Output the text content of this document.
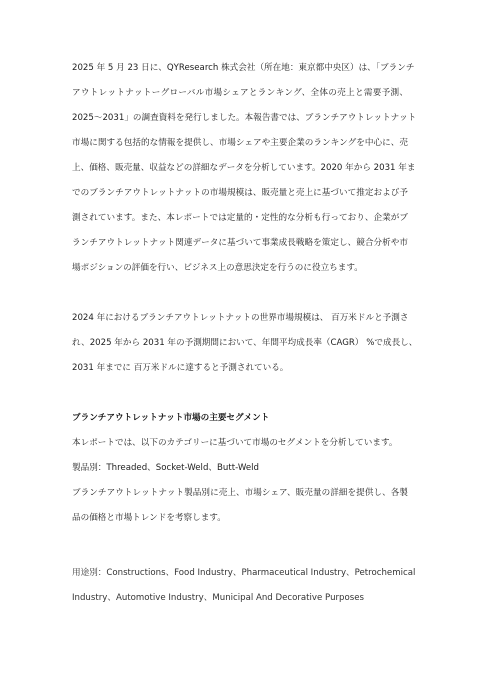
2025 年 5 月 23 日に、QYResearch 株式会社（所在地：東京都中央区）は、「ブランチ
アウトレットナットーグローバル市場シェアとランキング、全体の売上と需要予測、
2025～2031」の調査資料を発行しました。本報告書では、ブランチアウトレットナット
市場に関する包括的な情報を提供し、市場シェアや主要企業のランキングを中心に、売
上、価格、販売量、収益などの詳細なデータを分析しています。2020 年から 2031 年ま
でのブランチアウトレットナットの市場規模は、販売量と売上に基づいて推定および予
測されています。また、本レポートでは定量的・定性的な分析も行っており、企業がブ
ランチアウトレットナット関連データに基づいて事業成長戦略を策定し、競合分析や市
場ポジションの評価を行い、ビジネス上の意思決定を行うのに役立ちます。
2024 年におけるブランチアウトレットナットの世界市場規模は、 百万米ドルと予測さ
れ、2025 年から 2031 年の予測期間において、年間平均成長率（CAGR） %で成長し、
2031 年までに 百万米ドルに達すると予測されている。
ブランチアウトレットナット市場の主要セグメント
本レポートでは、以下のカテゴリーに基づいて市場のセグメントを分析しています。
製品別：Threaded、Socket-Weld、Butt-Weld
ブランチアウトレットナット製品別に売上、市場シェア、販売量の詳細を提供し、各製
品の価格と市場トレンドを考察します。
用途別：Constructions、Food Industry、Pharmaceutical Industry、Petrochemical
Industry、Automotive Industry、Municipal And Decorative Purposes
